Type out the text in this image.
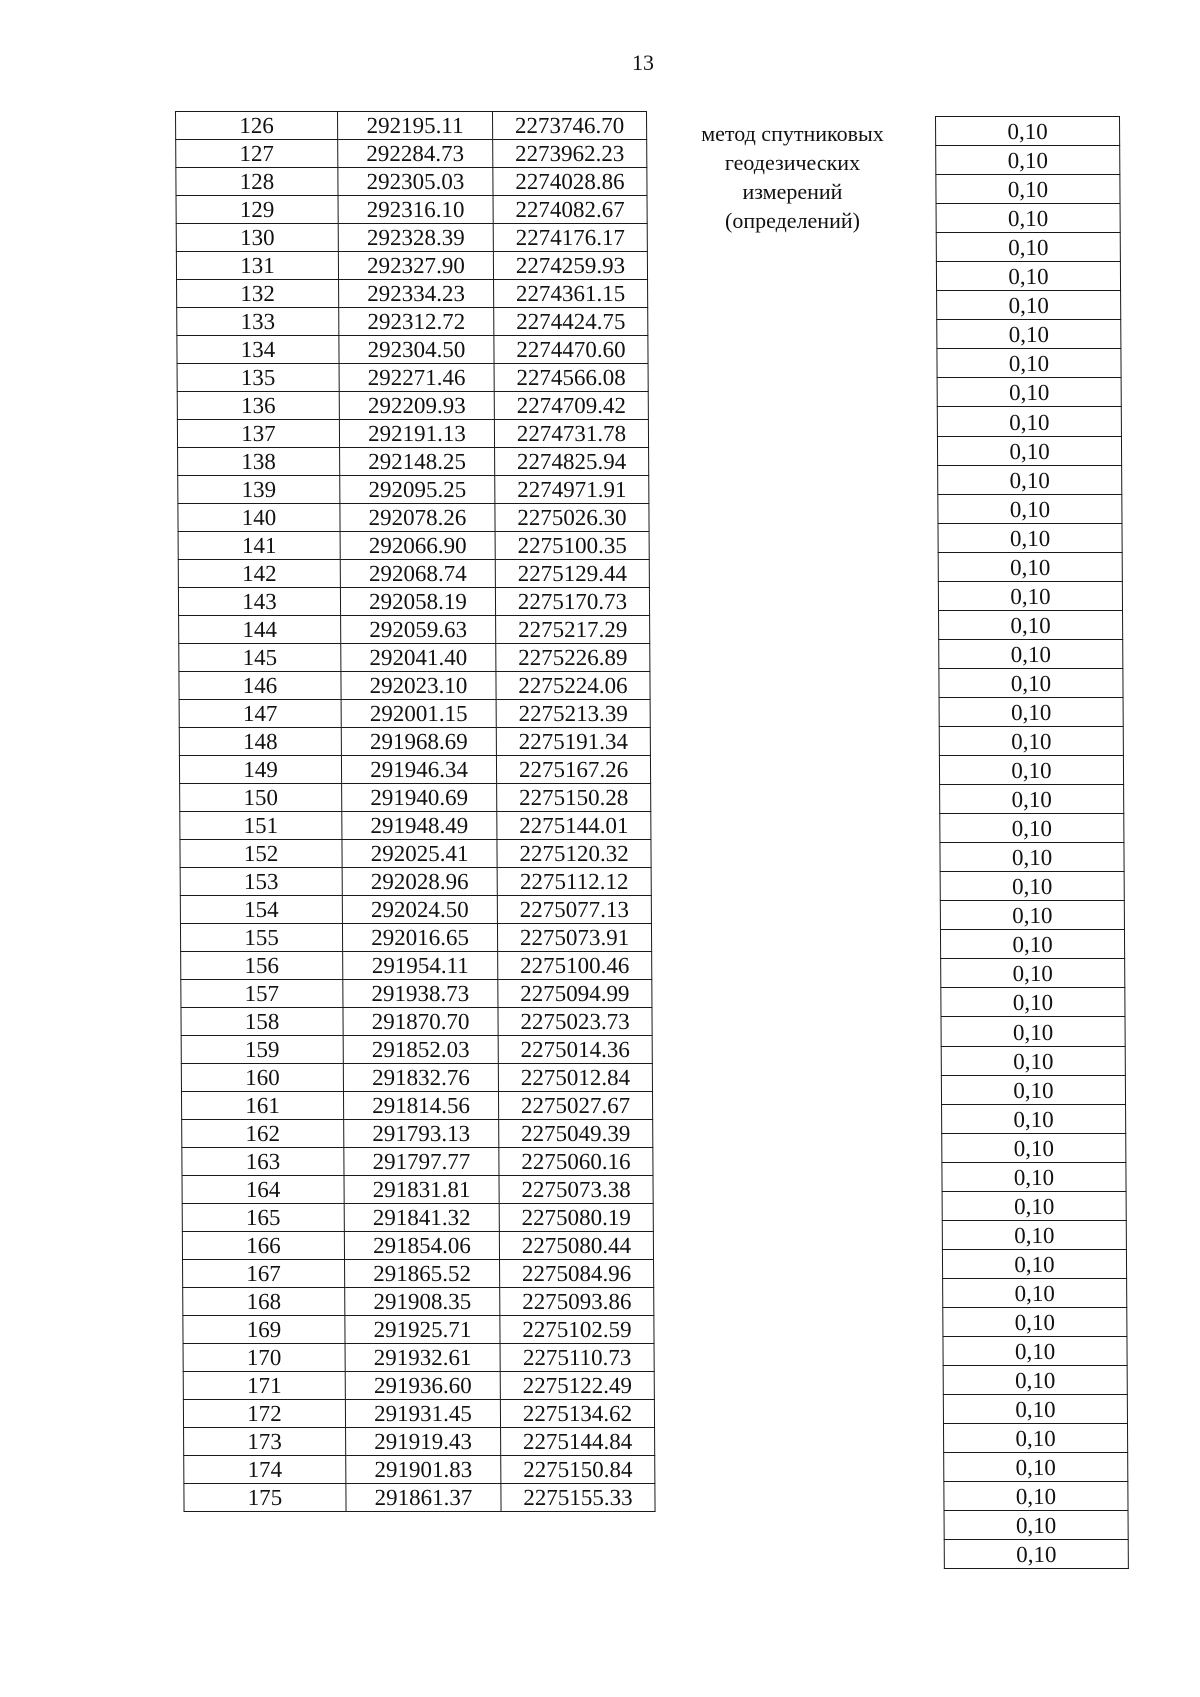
13
126	292195.11	2273746.70
127	292284.73	2273962.23
128	292305.03	2274028.86
129	292316.10	2274082.67
130	292328.39	2274176.17
131	292327.90	2274259.93
132	292334.23	2274361.15
133	292312.72	2274424.75
134	292304.50	2274470.60
135	292271.46	2274566.08
136	292209.93	2274709.42
137	292191.13	2274731.78
138	292148.25	2274825.94
139	292095.25	2274971.91
140	292078.26	2275026.30
141	292066.90	2275100.35
142	292068.74	2275129.44
143	292058.19	2275170.73
144	292059.63	2275217.29
145	292041.40	2275226.89
146	292023.10	2275224.06
147	292001.15	2275213.39
148	291968.69	2275191.34
149	291946.34	2275167.26
150	291940.69	2275150.28
151	291948.49	2275144.01
152	292025.41	2275120.32
153	292028.96	2275112.12
154	292024.50	2275077.13
155	292016.65	2275073.91
156	291954.11	2275100.46
157	291938.73	2275094.99
158	291870.70	2275023.73
159	291852.03	2275014.36
160	291832.76	2275012.84
161	291814.56	2275027.67
162	291793.13	2275049.39
163	291797.77	2275060.16
164	291831.81	2275073.38
165	291841.32	2275080.19
166	291854.06	2275080.44
167	291865.52	2275084.96
168	291908.35	2275093.86
169	291925.71	2275102.59
170	291932.61	2275110.73
171	291936.60	2275122.49
172	291931.45	2275134.62
173	291919.43	2275144.84
174	291901.83	2275150.84
175	291861.37	2275155.33
метод спутниковых
геодезических
измерений
(определений)
0,10
0,10
0,10
0,10
0,10
0,10
0,10
0,10
0,10
0,10
0,10
0,10
0,10
0,10
0,10
0,10
0,10
0,10
0,10
0,10
0,10
0,10
0,10
0,10
0,10
0,10
0,10
0,10
0,10
0,10
0,10
0,10
0,10
0,10
0,10
0,10
0,10
0,10
0,10
0,10
0,10
0,10
0,10
0,10
0,10
0,10
0,10
0,10
0,10
0,10
